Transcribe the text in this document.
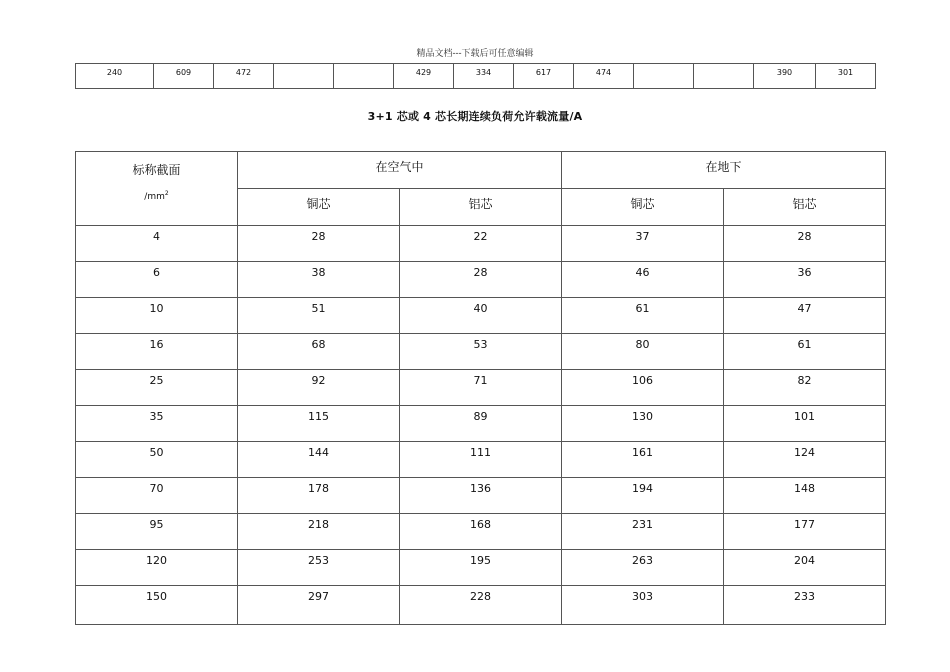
精品文档---下载后可任意编辑
240	609	472			429	334	617	474			390	301
3+1 芯或 4 芯长期连续负荷允许载流量/A
标称截面
$/mm^2$	在空气中		在地下	
	铜芯	铝芯	铜芯	铝芯
4	28	22	37	28
6	38	28	46	36
10	51	40	61	47
16	68	53	80	61
25	92	71	106	82
35	115	89	130	101
50	144	111	161	124
70	178	136	194	148
95	218	168	231	177
120	253	195	263	204
150	297	228	303	233
